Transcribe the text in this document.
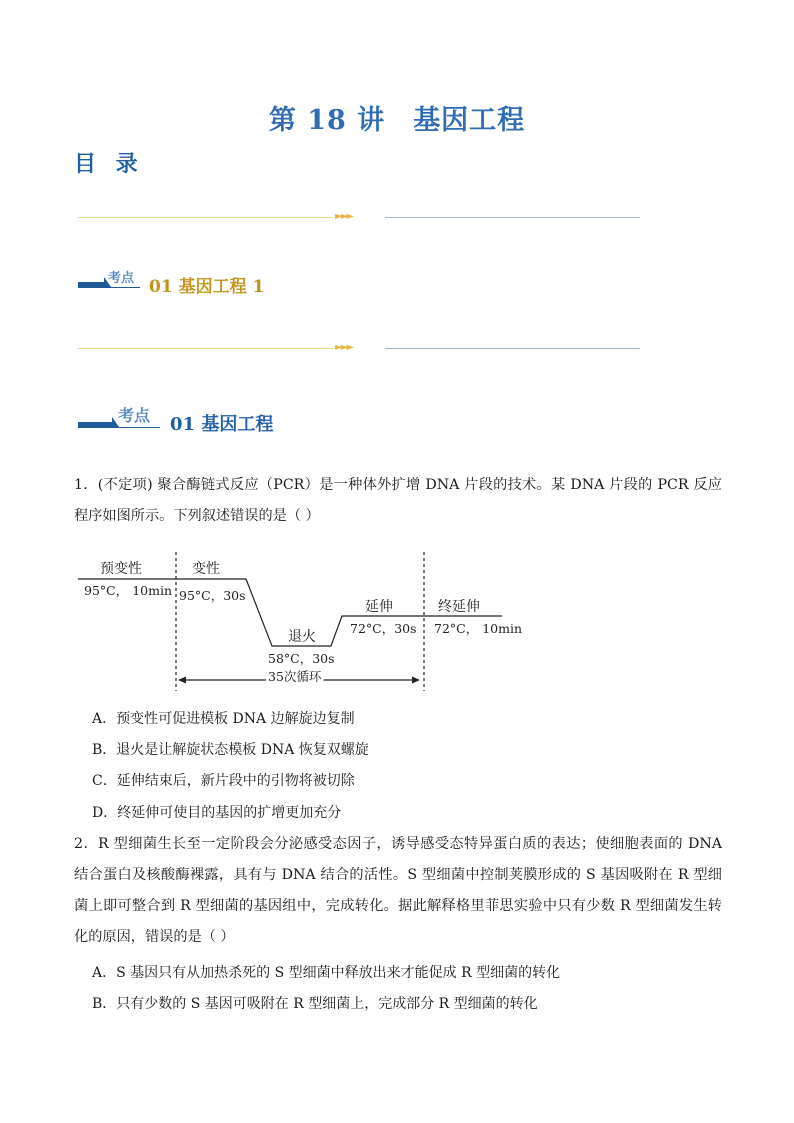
第 18 讲 基因工程
目 录
►►►
考点 01 基因工程 1
►►►
考点 01 基因工程
1．(不定项) 聚合酶链式反应（PCR）是一种体外扩增 DNA 片段的技术。某 DNA 片段的 PCR 反应程序如图所示。下列叙述错误的是（ ）
预变性	变性
退火
延伸	终延伸
95°C， 10min 95°C，30s
58°C，30s
72°C，30s 72°C， 10min
35次循环
A．预变性可促进模板 DNA 边解旋边复制
B．退火是让解旋状态模板 DNA 恢复双螺旋
C．延伸结束后，新片段中的引物将被切除
D．终延伸可使目的基因的扩增更加充分
2．R 型细菌生长至一定阶段会分泌感受态因子，诱导感受态特异蛋白质的表达；使细胞表面的 DNA 结合蛋白及核酸酶裸露，具有与 DNA 结合的活性。S 型细菌中控制荚膜形成的 S 基因吸附在 R 型细菌上即可整合到 R 型细菌的基因组中，完成转化。据此解释格里菲思实验中只有少数 R 型细菌发生转化的原因，错误的是（ ）
A．S 基因只有从加热杀死的 S 型细菌中释放出来才能促成 R 型细菌的转化
B．只有少数的 S 基因可吸附在 R 型细菌上，完成部分 R 型细菌的转化
